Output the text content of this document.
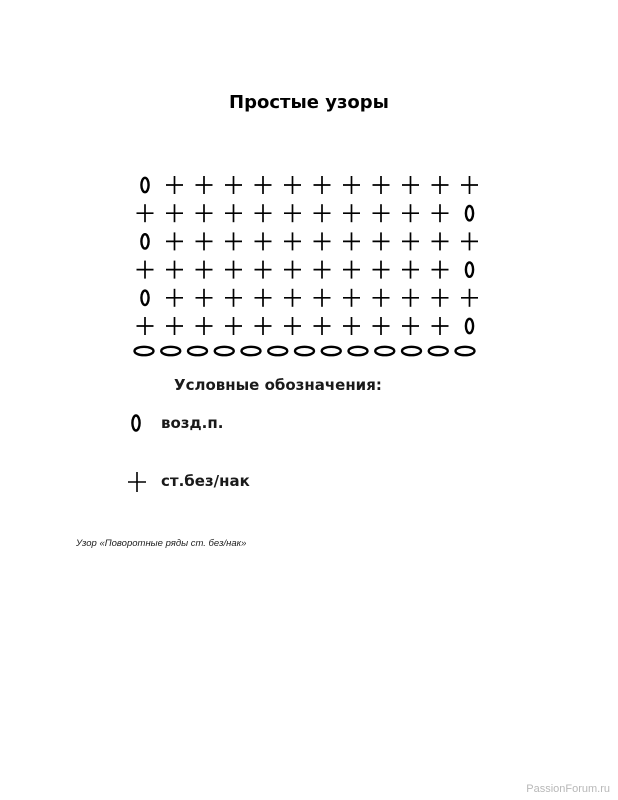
Простые узоры
Условные обозначения:
возд.п.
ст.без/нак
Узор «Поворотные ряды ст. без/нак»
PassionForum.ru
